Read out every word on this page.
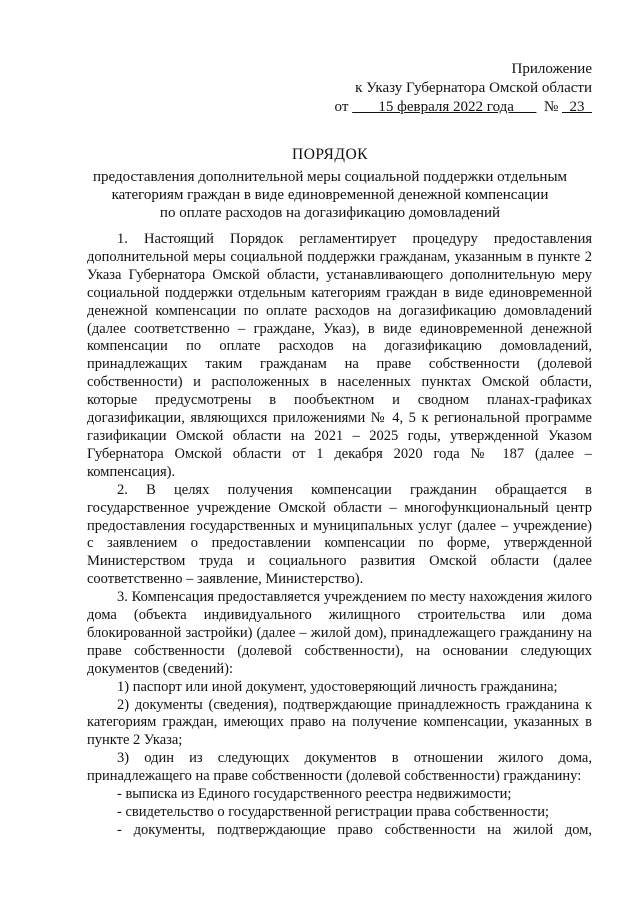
Приложение
к Указу Губернатора Омской области
от 15 февраля 2022 года № 23
ПОРЯДОК
предоставления дополнительной меры социальной поддержки отдельным
категориям граждан в виде единовременной денежной компенсации
по оплате расходов на догазификацию домовладений

1. Настоящий Порядок регламентирует процедуру предоставления дополнительной меры социальной поддержки гражданам, указанным в пункте 2 Указа Губернатора Омской области, устанавливающего дополнительную меру социальной поддержки отдельным категориям граждан в виде единовременной денежной компенсации по оплате расходов на догазификацию домовладений (далее соответственно – граждане, Указ), в виде единовременной денежной компенсации по оплате расходов на догазификацию домовладений, принадлежащих таким гражданам на праве собственности (долевой собственности) и расположенных в населенных пунктах Омской области, которые предусмотрены в пообъектном и сводном планах-графиках догазификации, являющихся приложениями № 4, 5 к региональной программе газификации Омской области на 2021 – 2025 годы, утвержденной Указом Губернатора Омской области от 1 декабря 2020 года № 187 (далее – компенсация).

2. В целях получения компенсации гражданин обращается в государственное учреждение Омской области – многофункциональный центр предоставления государственных и муниципальных услуг (далее – учреждение) с заявлением о предоставлении компенсации по форме, утвержденной Министерством труда и социального развития Омской области (далее соответственно – заявление, Министерство).

3. Компенсация предоставляется учреждением по месту нахождения жилого дома (объекта индивидуального жилищного строительства или дома блокированной застройки) (далее – жилой дом), принадлежащего гражданину на праве собственности (долевой собственности), на основании следующих документов (сведений):

1) паспорт или иной документ, удостоверяющий личность гражданина;

2) документы (сведения), подтверждающие принадлежность гражданина к категориям граждан, имеющих право на получение компенсации, указанных в пункте 2 Указа;

3) один из следующих документов в отношении жилого дома, принадлежащего на праве собственности (долевой собственности) гражданину:

- выписка из Единого государственного реестра недвижимости;

- свидетельство о государственной регистрации права собственности;

- документы, подтверждающие право собственности на жилой дом,
